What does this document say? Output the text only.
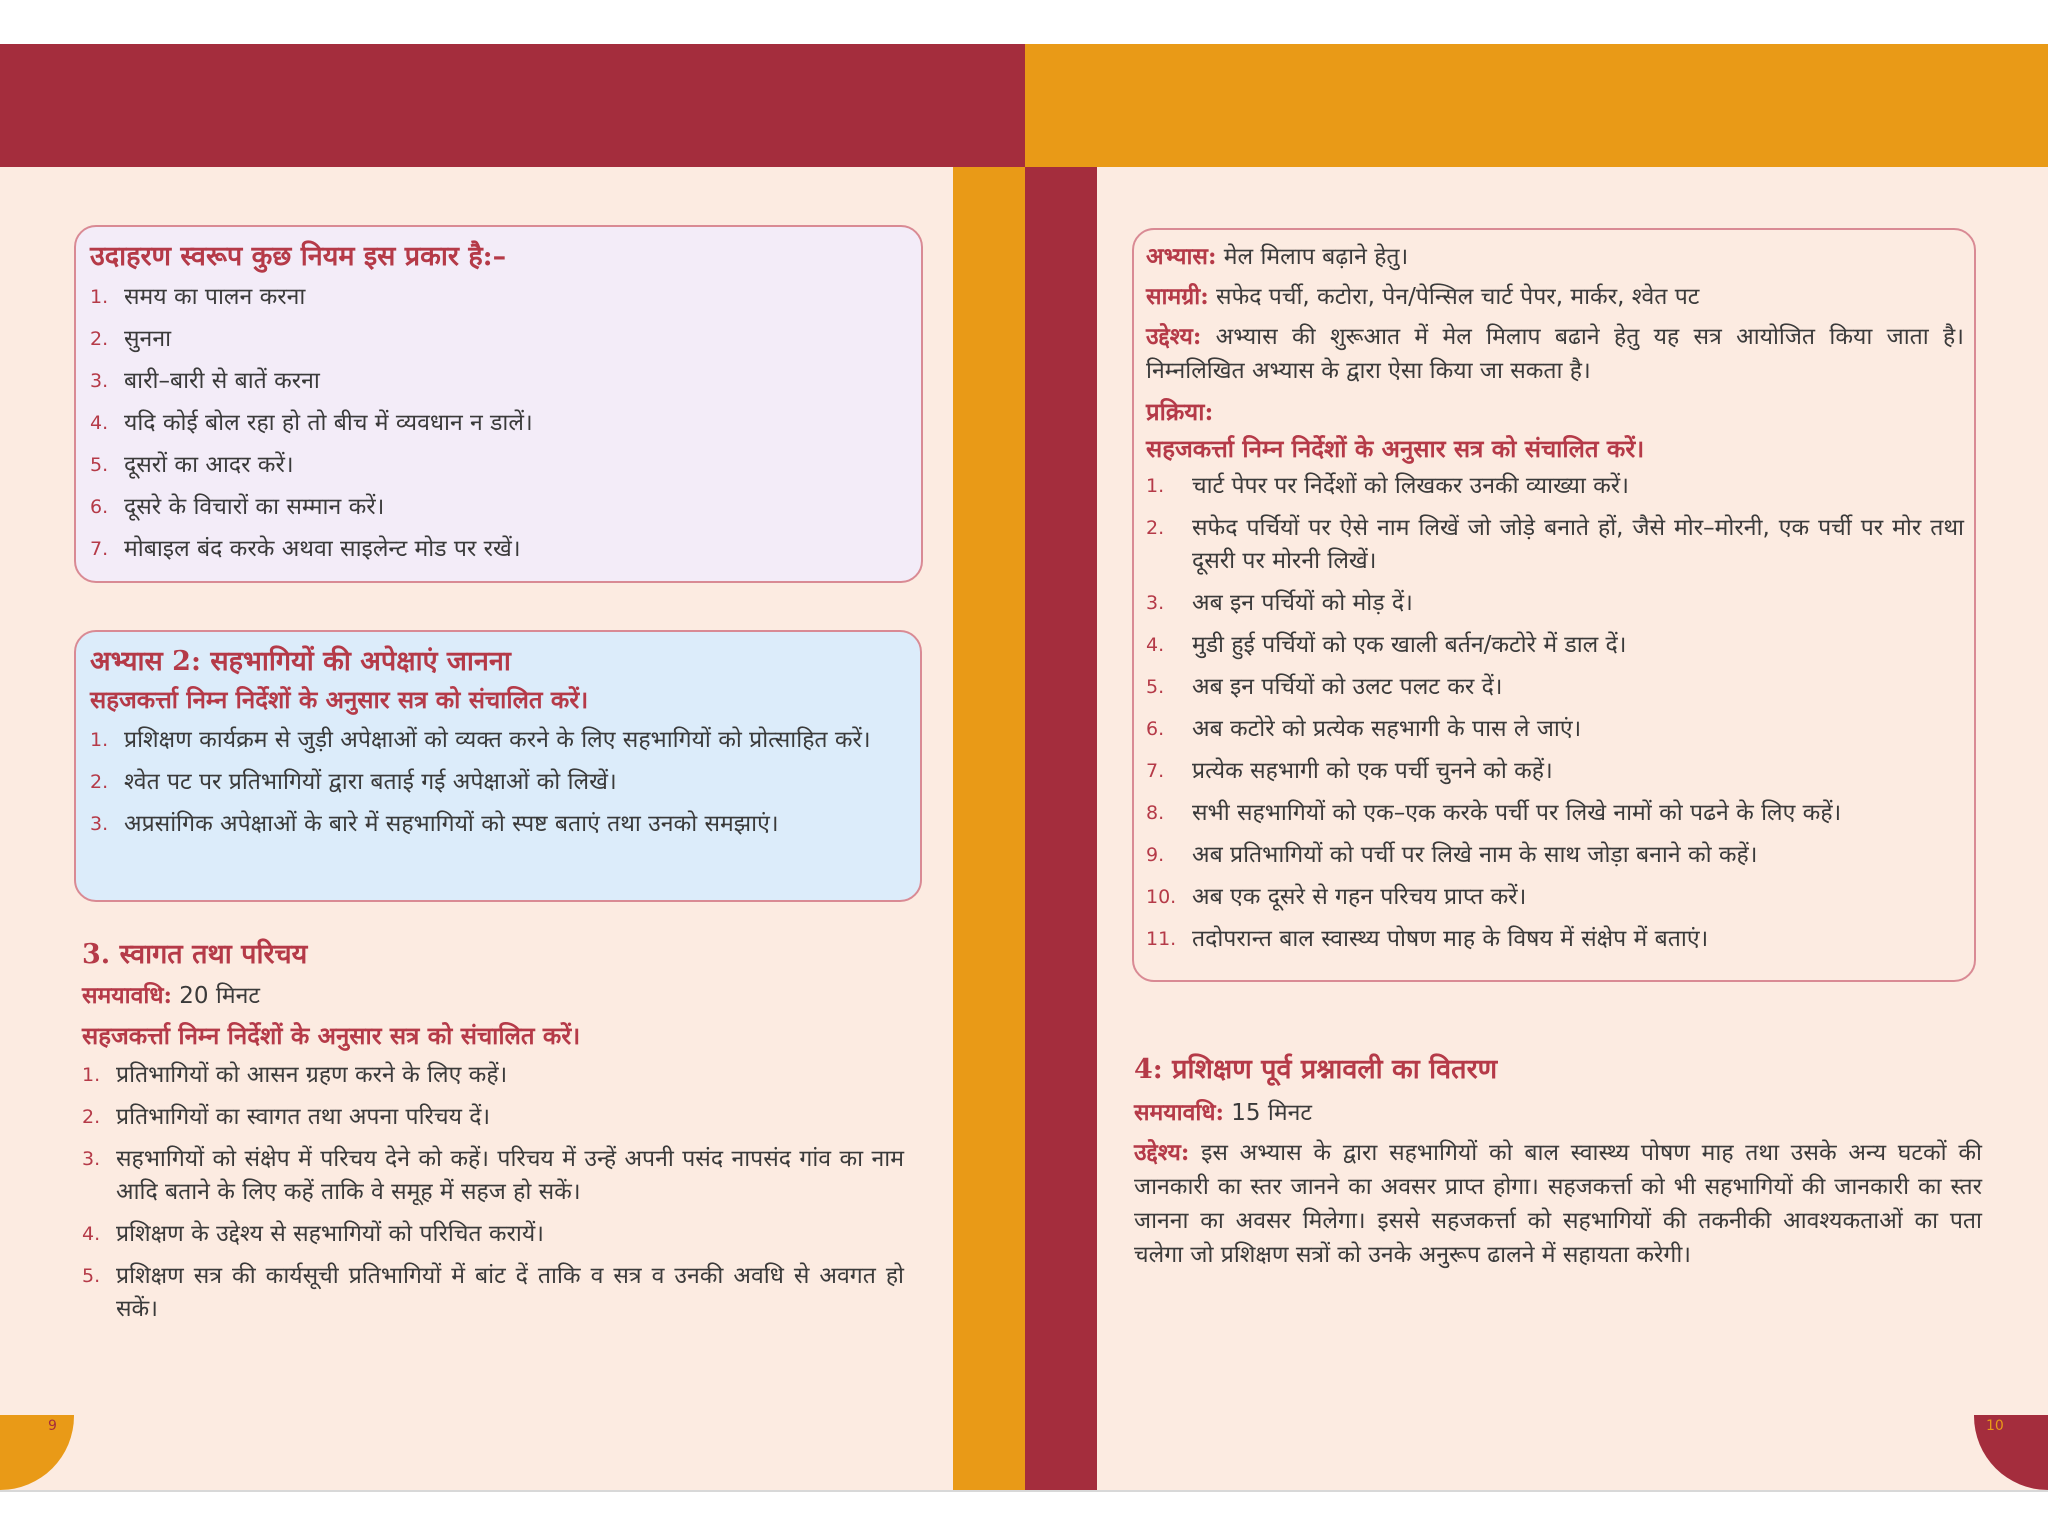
9	10
उदाहरण स्वरूप कुछ नियम इस प्रकार है:–
1. समय का पालन करना
2. सुनना
3. बारी–बारी से बातें करना
4. यदि कोई बोल रहा हो तो बीच में व्यवधान न डालें।
5. दूसरों का आदर करें।
6. दूसरे के विचारों का सम्मान करें।
7. मोबाइल बंद करके अथवा साइलेन्ट मोड पर रखें।
अभ्यास 2: सहभागियों की अपेक्षाएं जानना
सहजकर्त्ता निम्न निर्देशों के अनुसार सत्र को संचालित करें।
1. प्रशिक्षण कार्यक्रम से जुड़ी अपेक्षाओं को व्यक्त करने के लिए सहभागियों को प्रोत्साहित करें।
2. श्वेत पट पर प्रतिभागियों द्वारा बताई गई अपेक्षाओं को लिखें।
3. अप्रसांगिक अपेक्षाओं के बारे में सहभागियों को स्पष्ट बताएं तथा उनको समझाएं।
3. स्वागत तथा परिचय
समयावधि: 20 मिनट
सहजकर्त्ता निम्न निर्देशों के अनुसार सत्र को संचालित करें।
1. प्रतिभागियों को आसन ग्रहण करने के लिए कहें।
2. प्रतिभागियों का स्वागत तथा अपना परिचय दें।
3. सहभागियों को संक्षेप में परिचय देने को कहें। परिचय में उन्हें अपनी पसंद नापसंद गांव का नाम आदि बताने के लिए कहें ताकि वे समूह में सहज हो सकें।
4. प्रशिक्षण के उद्देश्य से सहभागियों को परिचित करायें।
5. प्रशिक्षण सत्र की कार्यसूची प्रतिभागियों में बांट दें ताकि व सत्र व उनकी अवधि से अवगत हो सकें।
अभ्यास: मेल मिलाप बढ़ाने हेतु।
सामग्री: सफेद पर्ची, कटोरा, पेन/पेन्सिल चार्ट पेपर, मार्कर, श्वेत पट
उद्देश्य: अभ्यास की शुरूआत में मेल मिलाप बढाने हेतु यह सत्र आयोजित किया जाता है। निम्नलिखित अभ्यास के द्वारा ऐसा किया जा सकता है।
प्रक्रिया:
सहजकर्त्ता निम्न निर्देशों के अनुसार सत्र को संचालित करें।
1. चार्ट पेपर पर निर्देशों को लिखकर उनकी व्याख्या करें।
2. सफेद पर्चियों पर ऐसे नाम लिखें जो जोड़े बनाते हों, जैसे मोर–मोरनी, एक पर्ची पर मोर तथा दूसरी पर मोरनी लिखें।
3. अब इन पर्चियों को मोड़ दें।
4. मुडी हुई पर्चियों को एक खाली बर्तन/कटोरे में डाल दें।
5. अब इन पर्चियों को उलट पलट कर दें।
6. अब कटोरे को प्रत्येक सहभागी के पास ले जाएं।
7. प्रत्येक सहभागी को एक पर्ची चुनने को कहें।
8. सभी सहभागियों को एक–एक करके पर्ची पर लिखे नामों को पढने के लिए कहें।
9. अब प्रतिभागियों को पर्ची पर लिखे नाम के साथ जोड़ा बनाने को कहें।
10. अब एक दूसरे से गहन परिचय प्राप्त करें।
11. तदोपरान्त बाल स्वास्थ्य पोषण माह के विषय में संक्षेप में बताएं।
4: प्रशिक्षण पूर्व प्रश्नावली का वितरण
समयावधि: 15 मिनट
उद्देश्य: इस अभ्यास के द्वारा सहभागियों को बाल स्वास्थ्य पोषण माह तथा उसके अन्य घटकों की जानकारी का स्तर जानने का अवसर प्राप्त होगा। सहजकर्त्ता को भी सहभागियों की जानकारी का स्तर जानना का अवसर मिलेगा। इससे सहजकर्त्ता को सहभागियों की तकनीकी आवश्यकताओं का पता चलेगा जो प्रशिक्षण सत्रों को उनके अनुरूप ढालने में सहायता करेगी।
